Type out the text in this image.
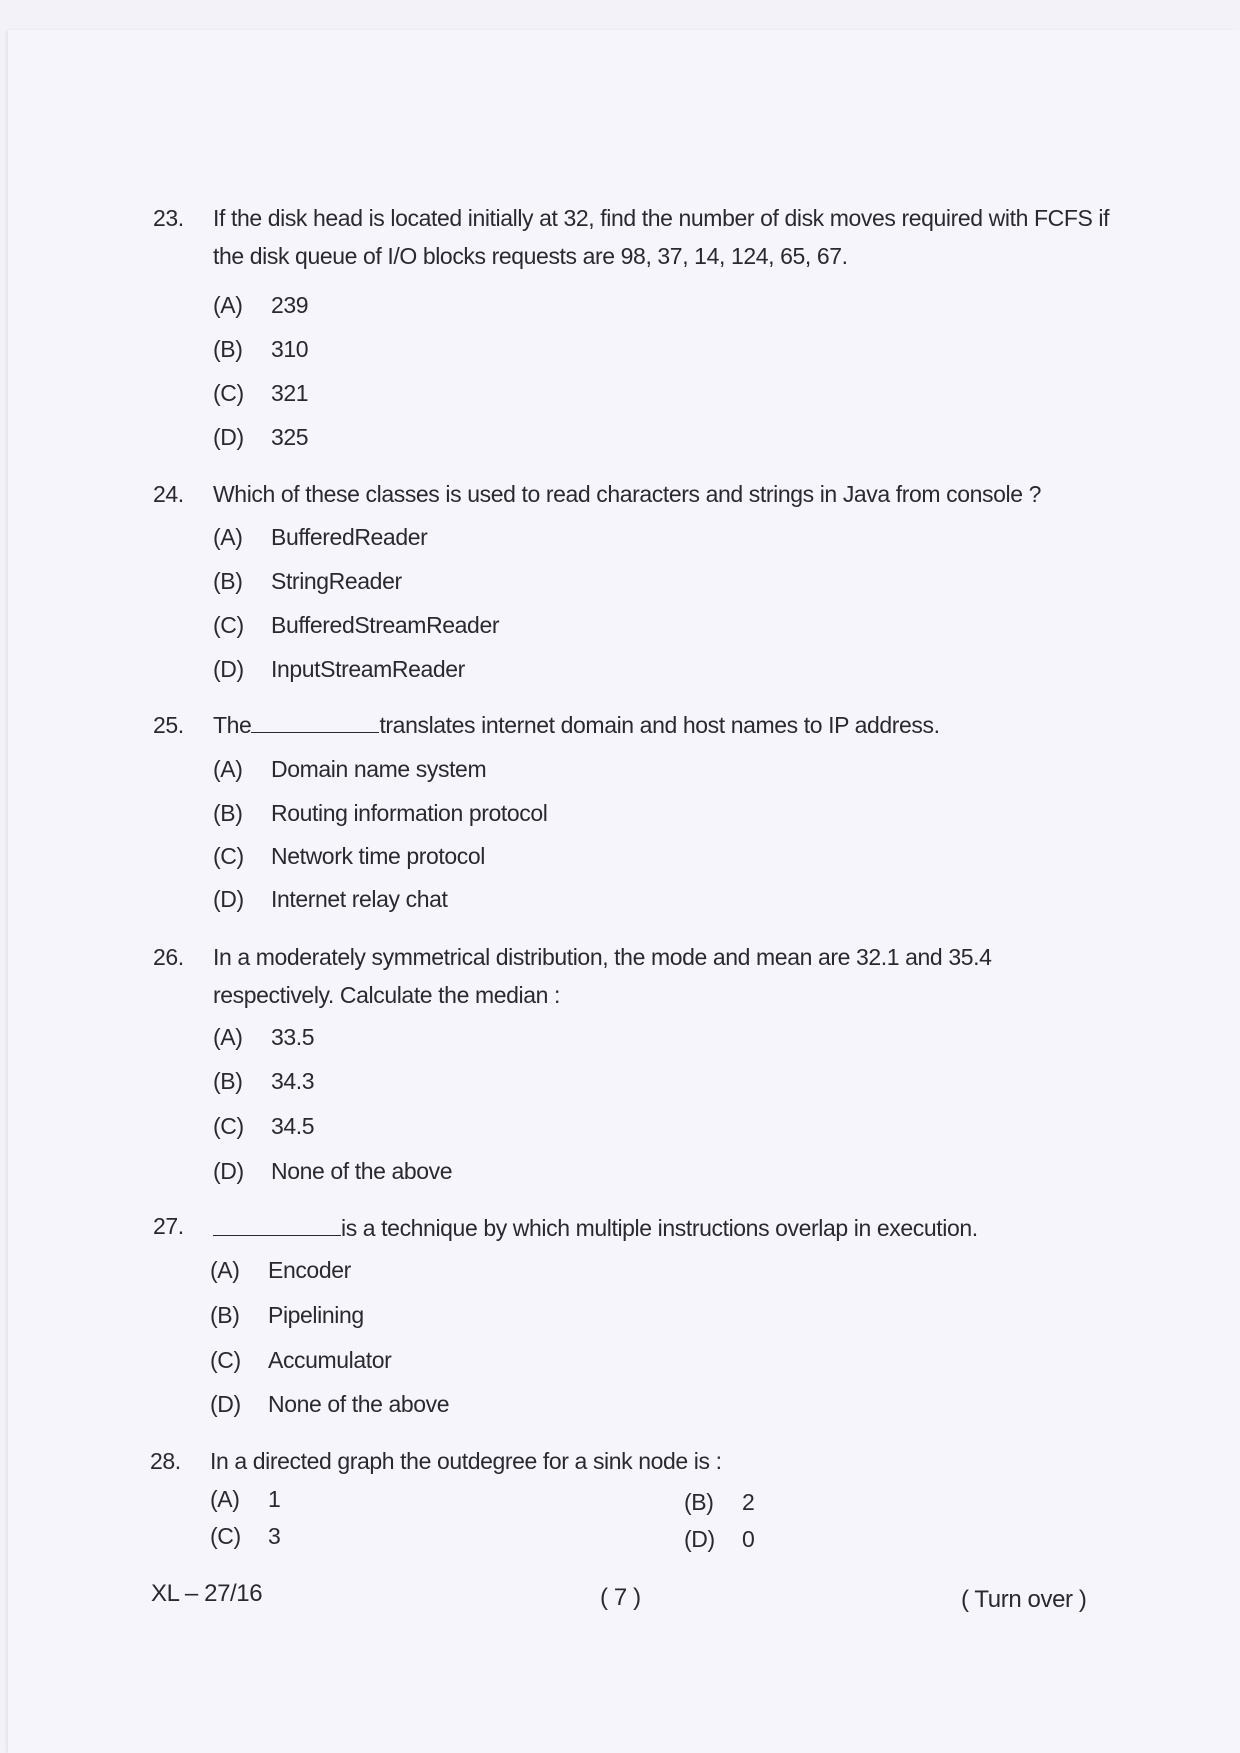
23. If the disk head is located initially at 32, find the number of disk moves required with FCFS if the disk queue of I/O blocks requests are 98, 37, 14, 124, 65, 67.
(A) 239
(B) 310
(C) 321
(D) 325
24. Which of these classes is used to read characters and strings in Java from console ?
(A) BufferedReader
(B) StringReader
(C) BufferedStreamReader
(D) InputStreamReader
25. The	translates internet domain and host names to IP address.
(A) Domain name system
(B) Routing information protocol
(C) Network time protocol
(D) Internet relay chat
26. In a moderately symmetrical distribution, the mode and mean are 32.1 and 35.4 respectively. Calculate the median :
(A) 33.5
(B) 34.3
(C) 34.5
(D) None of the above
27.	is a technique by which multiple instructions overlap in execution.
(A) Encoder
(B) Pipelining
(C) Accumulator
(D) None of the above
28. In a directed graph the outdegree for a sink node is :
(A) 1	(B) 2
(C) 3	(D) 0
XL – 27/16	( 7 )	( Turn over )
